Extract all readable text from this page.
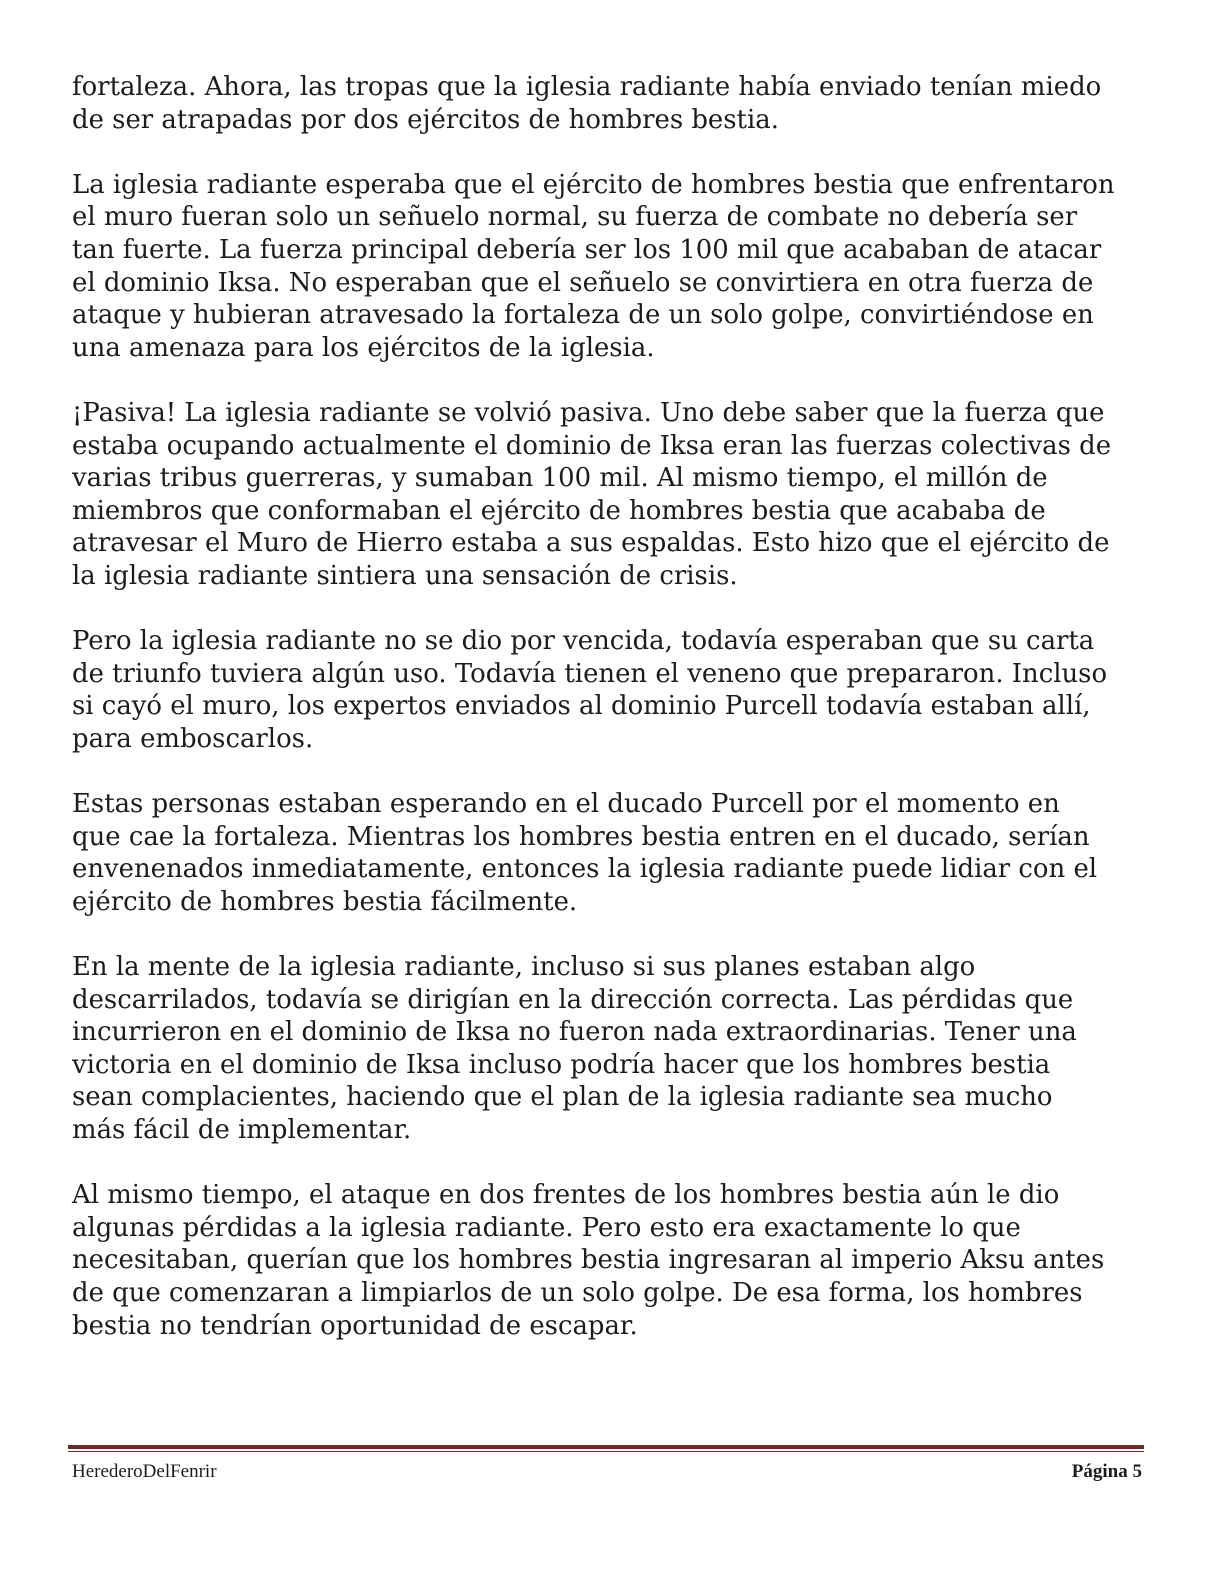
fortaleza. Ahora, las tropas que la iglesia radiante había enviado tenían miedo
de ser atrapadas por dos ejércitos de hombres bestia.

La iglesia radiante esperaba que el ejército de hombres bestia que enfrentaron
el muro fueran solo un señuelo normal, su fuerza de combate no debería ser
tan fuerte. La fuerza principal debería ser los 100 mil que acababan de atacar
el dominio Iksa. No esperaban que el señuelo se convirtiera en otra fuerza de
ataque y hubieran atravesado la fortaleza de un solo golpe, convirtiéndose en
una amenaza para los ejércitos de la iglesia.

¡Pasiva! La iglesia radiante se volvió pasiva. Uno debe saber que la fuerza que
estaba ocupando actualmente el dominio de Iksa eran las fuerzas colectivas de
varias tribus guerreras, y sumaban 100 mil. Al mismo tiempo, el millón de
miembros que conformaban el ejército de hombres bestia que acababa de
atravesar el Muro de Hierro estaba a sus espaldas. Esto hizo que el ejército de
la iglesia radiante sintiera una sensación de crisis.

Pero la iglesia radiante no se dio por vencida, todavía esperaban que su carta
de triunfo tuviera algún uso. Todavía tienen el veneno que prepararon. Incluso
si cayó el muro, los expertos enviados al dominio Purcell todavía estaban allí,
para emboscarlos.

Estas personas estaban esperando en el ducado Purcell por el momento en
que cae la fortaleza. Mientras los hombres bestia entren en el ducado, serían
envenenados inmediatamente, entonces la iglesia radiante puede lidiar con el
ejército de hombres bestia fácilmente.

En la mente de la iglesia radiante, incluso si sus planes estaban algo
descarrilados, todavía se dirigían en la dirección correcta. Las pérdidas que
incurrieron en el dominio de Iksa no fueron nada extraordinarias. Tener una
victoria en el dominio de Iksa incluso podría hacer que los hombres bestia
sean complacientes, haciendo que el plan de la iglesia radiante sea mucho
más fácil de implementar.

Al mismo tiempo, el ataque en dos frentes de los hombres bestia aún le dio
algunas pérdidas a la iglesia radiante. Pero esto era exactamente lo que
necesitaban, querían que los hombres bestia ingresaran al imperio Aksu antes
de que comenzaran a limpiarlos de un solo golpe. De esa forma, los hombres
bestia no tendrían oportunidad de escapar.

HerederoDelFenrir	Página 5
